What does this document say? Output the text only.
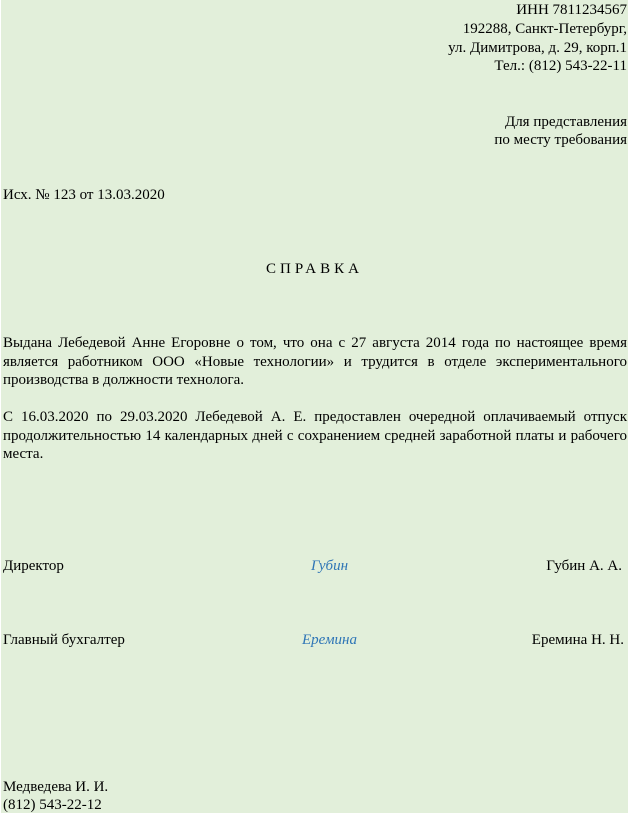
ИНН 7811234567
192288, Санкт-Петербург,
ул. Димитрова, д. 29, корп.1
Тел.: (812) 543-22-11
Для представления
по месту требования
Исх. № 123 от 13.03.2020
СПРАВКА
Выдана Лебедевой Анне Егоровне о том, что она с 27 августа 2014 года по настоящее время является работником ООО «Новые технологии» и трудится в отделе экспериментального производства в должности технолога.
С 16.03.2020 по 29.03.2020 Лебедевой А. Е. предоставлен очередной оплачиваемый отпуск продолжительностью 14 календарных дней с сохранением средней заработной платы и рабочего места.
Директор	Губин	Губин А. А.
Главный бухгалтер	Еремина	Еремина Н. Н.
Медведева И. И.
(812) 543-22-12
